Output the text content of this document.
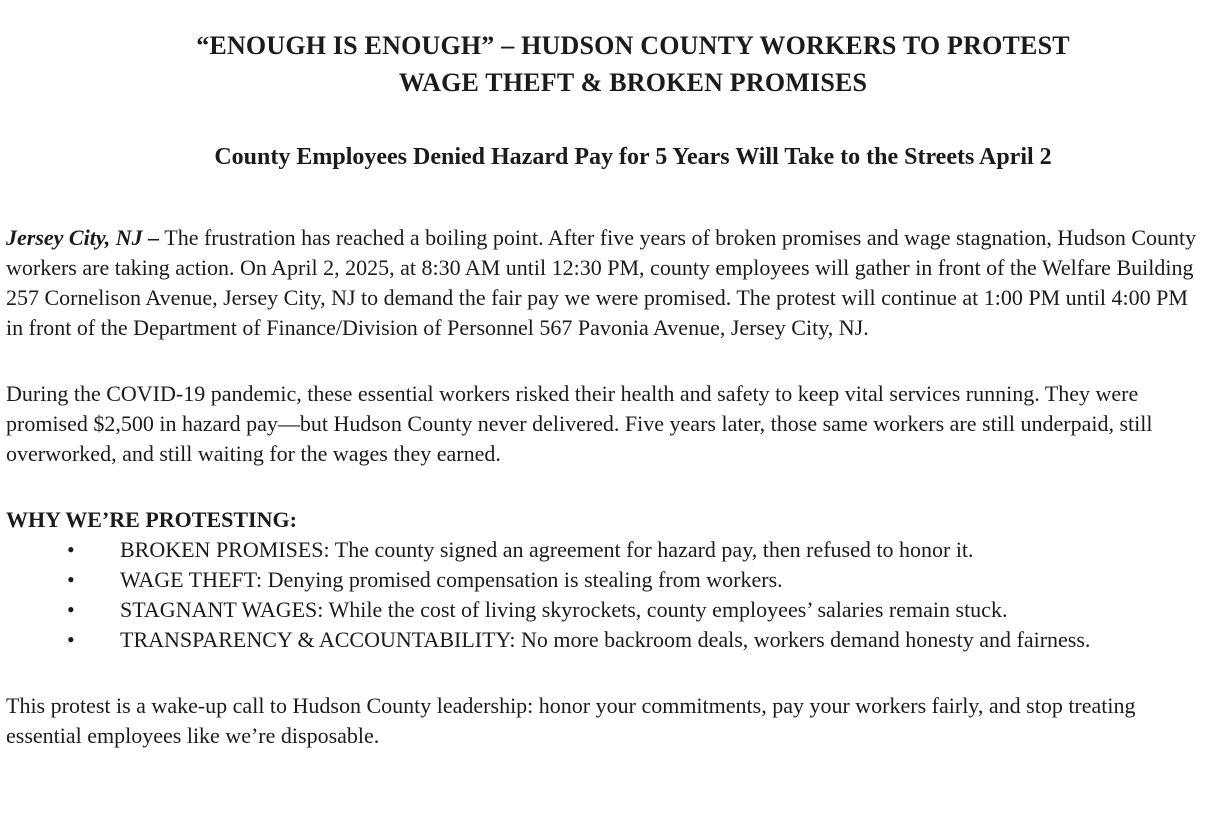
“ENOUGH IS ENOUGH” – HUDSON COUNTY WORKERS TO PROTEST
WAGE THEFT & BROKEN PROMISES
County Employees Denied Hazard Pay for 5 Years Will Take to the Streets April 2

Jersey City, NJ – The frustration has reached a boiling point. After five years of broken promises and wage stagnation, Hudson County workers are taking action. On April 2, 2025, at 8:30 AM until 12:30 PM, county employees will gather in front of the Welfare Building 257 Cornelison Avenue, Jersey City, NJ to demand the fair pay we were promised. The protest will continue at 1:00 PM until 4:00 PM in front of the Department of Finance/Division of Personnel 567 Pavonia Avenue, Jersey City, NJ.

During the COVID-19 pandemic, these essential workers risked their health and safety to keep vital services running. They were promised $2,500 in hazard pay—but Hudson County never delivered. Five years later, those same workers are still underpaid, still overworked, and still waiting for the wages they earned.

WHY WE’RE PROTESTING:
• BROKEN PROMISES: The county signed an agreement for hazard pay, then refused to honor it.
• WAGE THEFT: Denying promised compensation is stealing from workers.
• STAGNANT WAGES: While the cost of living skyrockets, county employees’ salaries remain stuck.
• TRANSPARENCY & ACCOUNTABILITY: No more backroom deals, workers demand honesty and fairness.

This protest is a wake-up call to Hudson County leadership: honor your commitments, pay your workers fairly, and stop treating essential employees like we’re disposable.
